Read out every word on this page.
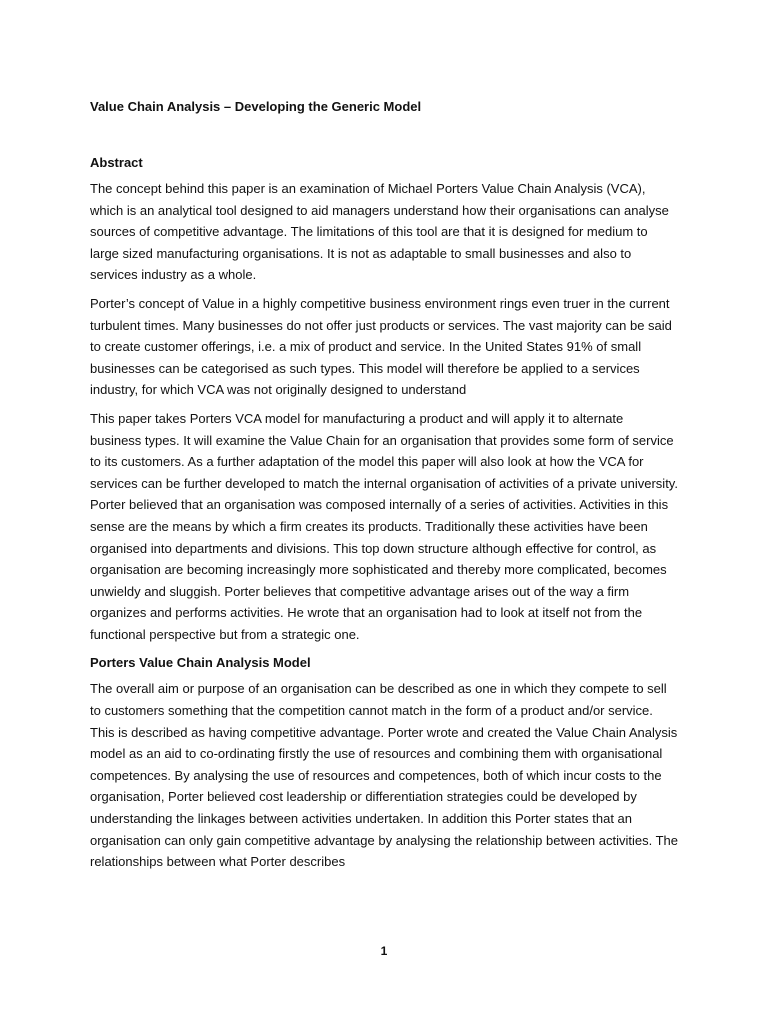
Value Chain Analysis – Developing the Generic Model
Abstract

The concept behind this paper is an examination of Michael Porters Value Chain Analysis (VCA), which is an analytical tool designed to aid managers understand how their organisations can analyse sources of competitive advantage. The limitations of this tool are that it is designed for medium to large sized manufacturing organisations. It is not as adaptable to small businesses and also to services industry as a whole.

Porter’s concept of Value in a highly competitive business environment rings even truer in the current turbulent times. Many businesses do not offer just products or services. The vast majority can be said to create customer offerings, i.e. a mix of product and service. In the United States 91% of small businesses can be categorised as such types. This model will therefore be applied to a services industry, for which VCA was not originally designed to understand

This paper takes Porters VCA model for manufacturing a product and will apply it to alternate business types. It will examine the Value Chain for an organisation that provides some form of service to its customers. As a further adaptation of the model this paper will also look at how the VCA for services can be further developed to match the internal organisation of activities of a private university. Porter believed that an organisation was composed internally of a series of activities. Activities in this sense are the means by which a firm creates its products. Traditionally these activities have been organised into departments and divisions. This top down structure although effective for control, as organisation are becoming increasingly more sophisticated and thereby more complicated, becomes unwieldy and sluggish. Porter believes that competitive advantage arises out of the way a firm organizes and performs activities. He wrote that an organisation had to look at itself not from the functional perspective but from a strategic one.

Porters Value Chain Analysis Model

The overall aim or purpose of an organisation can be described as one in which they compete to sell to customers something that the competition cannot match in the form of a product and/or service. This is described as having competitive advantage. Porter wrote and created the Value Chain Analysis model as an aid to co-ordinating firstly the use of resources and combining them with organisational competences. By analysing the use of resources and competences, both of which incur costs to the organisation, Porter believed cost leadership or differentiation strategies could be developed by understanding the linkages between activities undertaken. In addition this Porter states that an organisation can only gain competitive advantage by analysing the relationship between activities. The relationships between what Porter describes

1
